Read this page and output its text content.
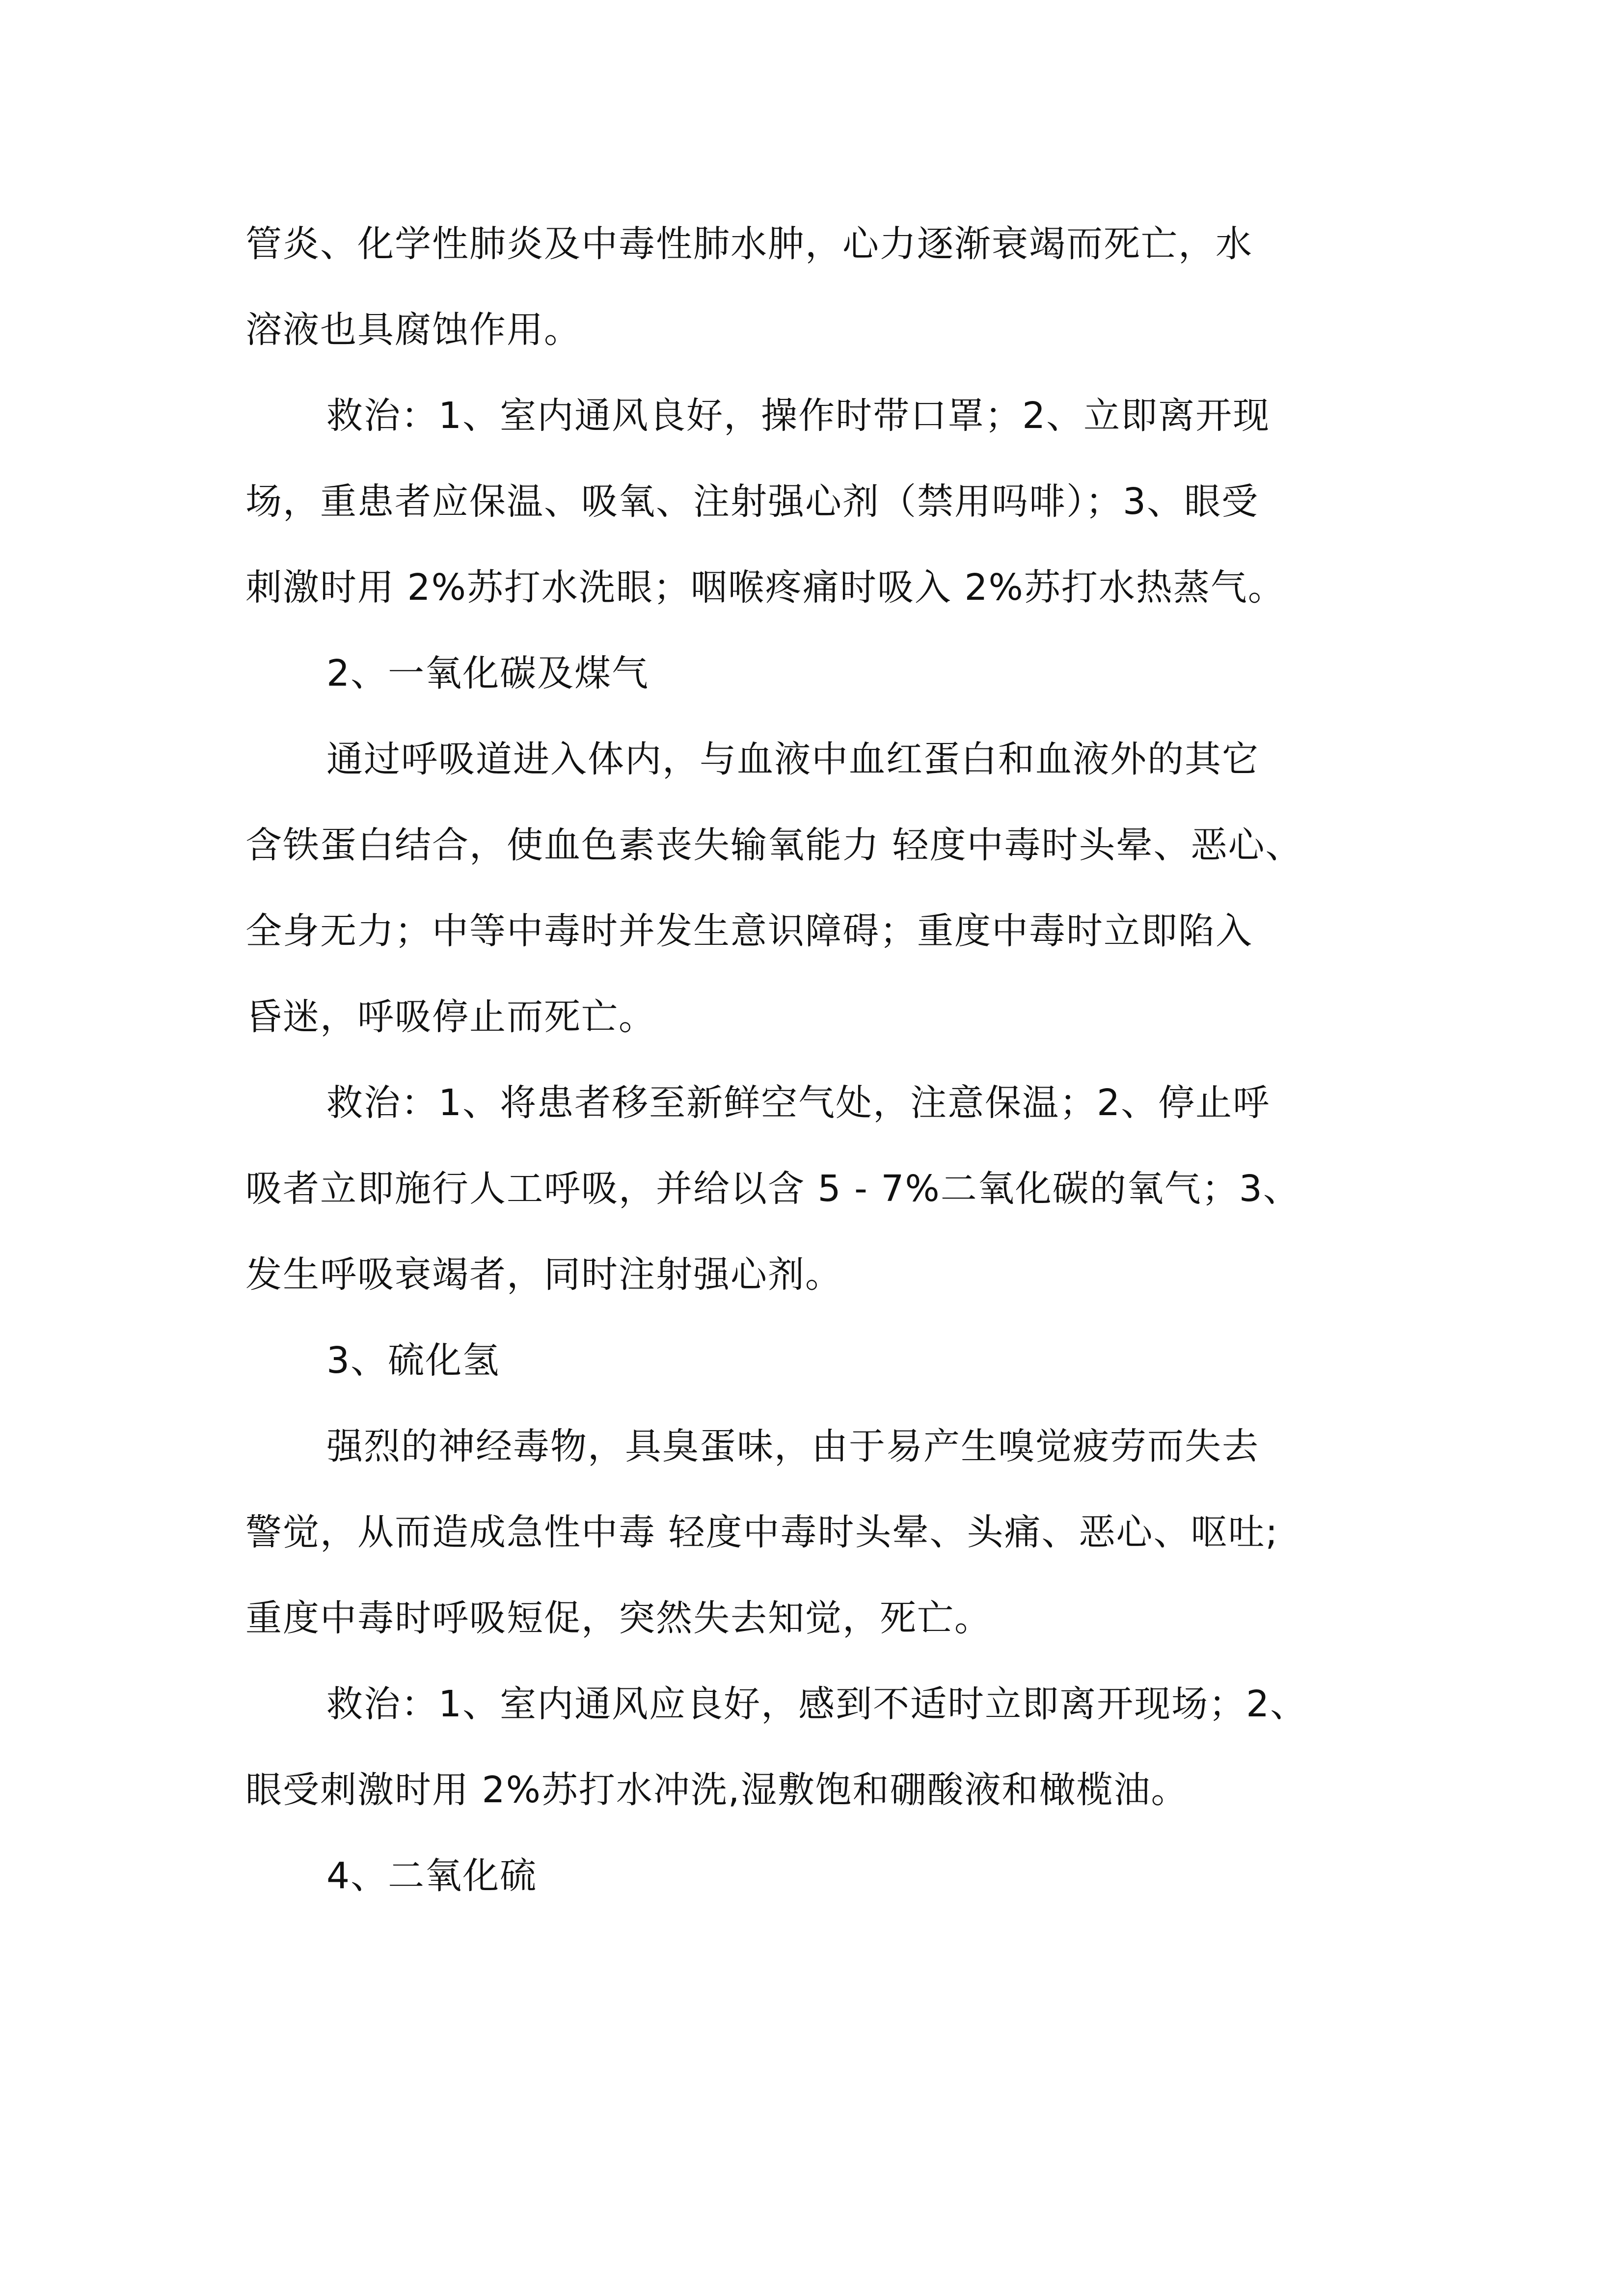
管炎、化学性肺炎及中毒性肺水肿，心力逐渐衰竭而死亡，水
溶液也具腐蚀作用。
救治：1、室内通风良好，操作时带口罩；2、立即离开现
场，重患者应保温、吸氧、注射强心剂（禁用吗啡）；3、眼受
刺激时用 2%苏打水洗眼；咽喉疼痛时吸入 2%苏打水热蒸气。
2、一氧化碳及煤气
通过呼吸道进入体内，与血液中血红蛋白和血液外的其它
含铁蛋白结合，使血色素丧失输氧能力 轻度中毒时头晕、恶心、
全身无力；中等中毒时并发生意识障碍；重度中毒时立即陷入
昏迷，呼吸停止而死亡。
救治：1、将患者移至新鲜空气处，注意保温；2、停止呼
吸者立即施行人工呼吸，并给以含 5 - 7%二氧化碳的氧气；3、
发生呼吸衰竭者，同时注射强心剂。
3、硫化氢
强烈的神经毒物，具臭蛋味，由于易产生嗅觉疲劳而失去
警觉，从而造成急性中毒 轻度中毒时头晕、头痛、恶心、呕吐;
重度中毒时呼吸短促，突然失去知觉，死亡。
救治：1、室内通风应良好，感到不适时立即离开现场；2、
眼受刺激时用 2%苏打水冲洗,湿敷饱和硼酸液和橄榄油。
4、二氧化硫
